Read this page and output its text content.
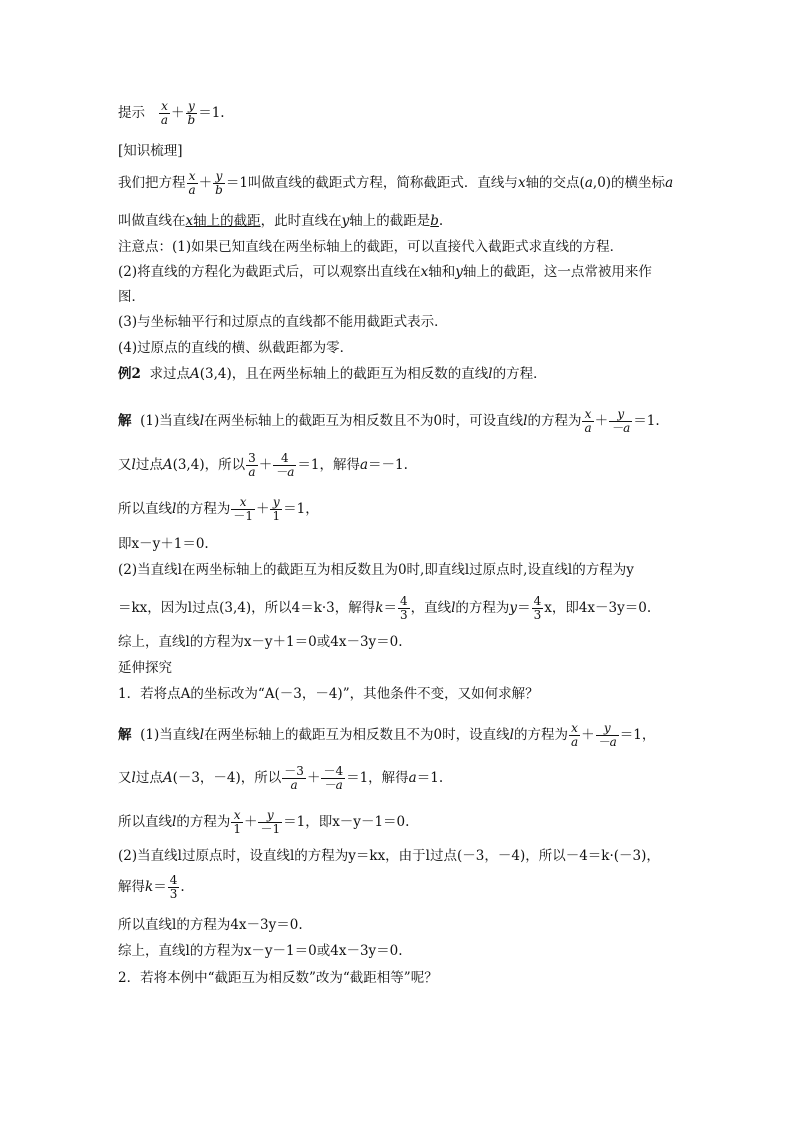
提示 $\frac{x}{a} + \frac{y}{b} =1$.
[知识梳理]
我们把方程 $\frac{x}{a} + \frac{y}{b} =1$叫做直线的截距式方程，简称截距式．直线与x轴的交点(a,0)的横坐标a
叫做直线在x轴上的截距，此时直线在y轴上的截距是b.
注意点：(1)如果已知直线在两坐标轴上的截距，可以直接代入截距式求直线的方程．
(2)将直线的方程化为截距式后，可以观察出直线在x轴和y轴上的截距，这一点常被用来作
图．
(3)与坐标轴平行和过原点的直线都不能用截距式表示．
(4)过原点的直线的横、纵截距都为零．
例2 求过点A(3,4)，且在两坐标轴上的截距互为相反数的直线l的方程．
解 (1)当直线l在两坐标轴上的截距互为相反数且不为0时，可设直线l的方程为 $\frac{x}{a} + \frac{y}{-a} =1$.
又l过点A(3,4)，所以 $\frac{3}{a} + \frac{4}{-a} =1$，解得a＝－1.
所以直线l的方程为 $\frac{x}{-1} + \frac{y}{1} =1$，
即x－y＋1＝0.
(2)当直线l在两坐标轴上的截距互为相反数且为0时,即直线l过原点时,设直线l的方程为y
＝kx，因为l过点(3,4)，所以4＝k·3，解得$k= \frac{4}{3}$ ，直线l的方程为$y= \frac{4}{3}$ x，即4x－3y＝0.
综上，直线l的方程为x－y＋1＝0或4x－3y＝0.
延伸探究
1．若将点A的坐标改为“A(－3，－4)”，其他条件不变，又如何求解？
解 (1)当直线l在两坐标轴上的截距互为相反数且不为0时，设直线l的方程为 $\frac{x}{a} + \frac{y}{-a} =1$，
又l过点A(－3，－4)，所以 $\frac{-3}{a} + \frac{-4}{-a} =1$，解得a＝1.
所以直线l的方程为 $\frac{x}{1} + \frac{y}{-1} =1$，即x－y－1＝0.
(2)当直线l过原点时，设直线l的方程为y＝kx，由于l过点(－3，－4)，所以－4＝k·(－3)，
解得$k= \frac{4}{3}$ .
所以直线l的方程为4x－3y＝0.
综上，直线l的方程为x－y－1＝0或4x－3y＝0.
2．若将本例中“截距互为相反数”改为“截距相等”呢？
